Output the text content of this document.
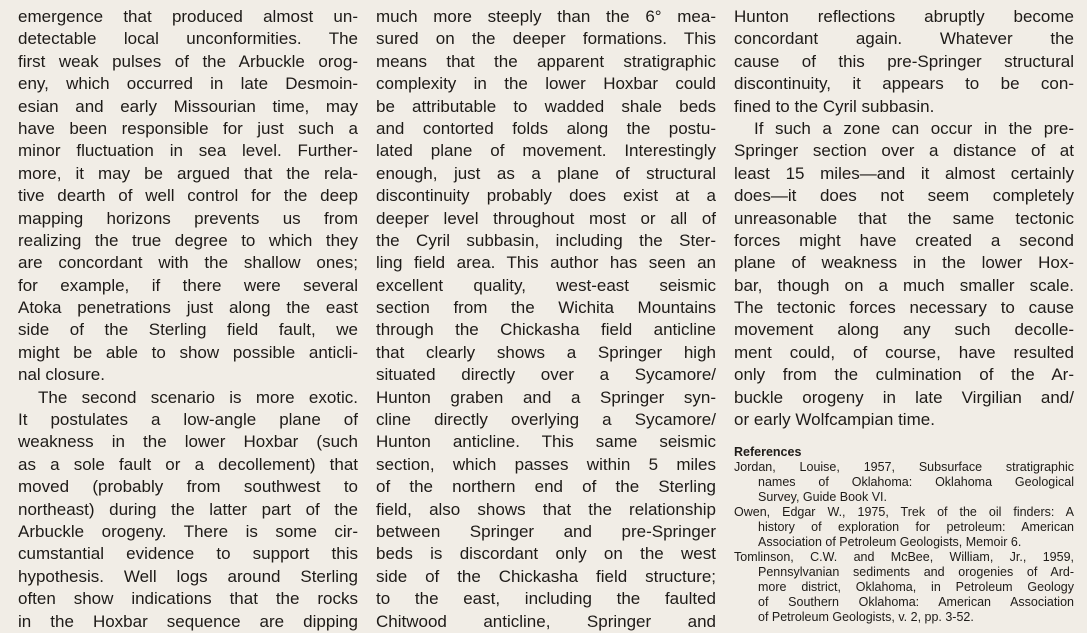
emergence that produced almost un-
detectable local unconformities. The
first weak pulses of the Arbuckle orog-
eny, which occurred in late Desmoin-
esian and early Missourian time, may
have been responsible for just such a
minor fluctuation in sea level. Further-
more, it may be argued that the rela-
tive dearth of well control for the deep
mapping horizons prevents us from
realizing the true degree to which they
are concordant with the shallow ones;
for example, if there were several
Atoka penetrations just along the east
side of the Sterling field fault, we
might be able to show possible anticli-
nal closure.
The second scenario is more exotic.
It postulates a low-angle plane of
weakness in the lower Hoxbar (such
as a sole fault or a decollement) that
moved (probably from southwest to
northeast) during the latter part of the
Arbuckle orogeny. There is some cir-
cumstantial evidence to support this
hypothesis. Well logs around Sterling
often show indications that the rocks
in the Hoxbar sequence are dipping
much more steeply than the 6° mea-
sured on the deeper formations. This
means that the apparent stratigraphic
complexity in the lower Hoxbar could
be attributable to wadded shale beds
and contorted folds along the postu-
lated plane of movement. Interestingly
enough, just as a plane of structural
discontinuity probably does exist at a
deeper level throughout most or all of
the Cyril subbasin, including the Ster-
ling field area. This author has seen an
excellent quality, west-east seismic
section from the Wichita Mountains
through the Chickasha field anticline
that clearly shows a Springer high
situated directly over a Sycamore/
Hunton graben and a Springer syn-
cline directly overlying a Sycamore/
Hunton anticline. This same seismic
section, which passes within 5 miles
of the northern end of the Sterling
field, also shows that the relationship
between Springer and pre-Springer
beds is discordant only on the west
side of the Chickasha field structure;
to the east, including the faulted
Chitwood anticline, Springer and
Hunton reflections abruptly become
concordant again. Whatever the
cause of this pre-Springer structural
discontinuity, it appears to be con-
fined to the Cyril subbasin.
If such a zone can occur in the pre-
Springer section over a distance of at
least 15 miles—and it almost certainly
does—it does not seem completely
unreasonable that the same tectonic
forces might have created a second
plane of weakness in the lower Hox-
bar, though on a much smaller scale.
The tectonic forces necessary to cause
movement along any such decolle-
ment could, of course, have resulted
only from the culmination of the Ar-
buckle orogeny in late Virgilian and/
or early Wolfcampian time.
References
Jordan, Louise, 1957, Subsurface stratigraphic
names of Oklahoma: Oklahoma Geological
Survey, Guide Book VI.
Owen, Edgar W., 1975, Trek of the oil finders: A
history of exploration for petroleum: American
Association of Petroleum Geologists, Memoir 6.
Tomlinson, C.W. and McBee, William, Jr., 1959,
Pennsylvanian sediments and orogenies of Ard-
more district, Oklahoma, in Petroleum Geology
of Southern Oklahoma: American Association
of Petroleum Geologists, v. 2, pp. 3-52.
